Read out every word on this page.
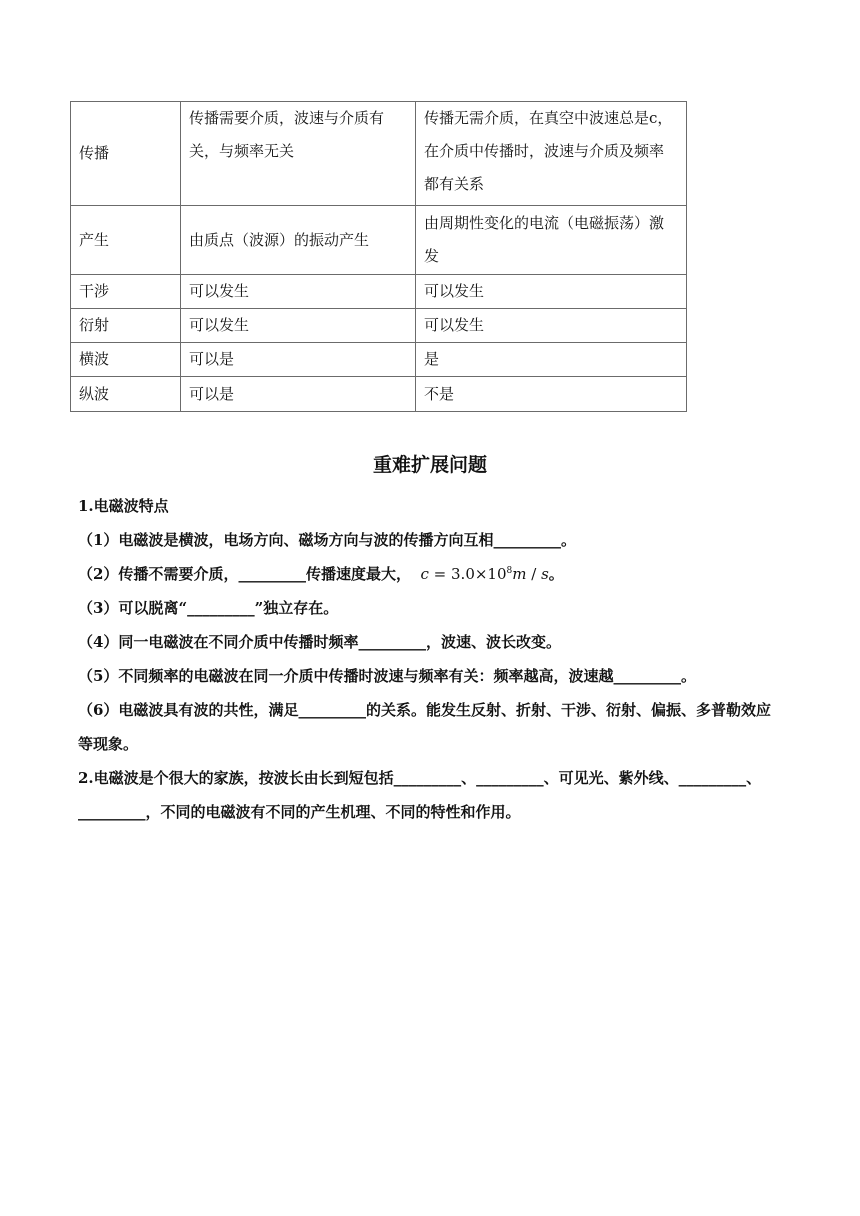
传播	传播需要介质，波速与介质有关，与频率无关	传播无需介质，在真空中波速总是c，在介质中传播时，波速与介质及频率都有关系
产生	由质点（波源）的振动产生	由周期性变化的电流（电磁振荡）激发
干涉	可以发生	可以发生
衍射	可以发生	可以发生
横波	可以是	是
纵波	可以是	不是
重难扩展问题

1.电磁波特点

（1）电磁波是横波，电场方向、磁场方向与波的传播方向互相_________。

（2）传播不需要介质，_________传播速度最大，​  $c = 3.0\times 10^8m / s$。

（3）可以脱离“_________”独立存在。

（4）同一电磁波在不同介质中传播时频率_________，波速、波长改变。

（5）不同频率的电磁波在同一介质中传播时波速与频率有关：频率越高，波速越_________。

（6）电磁波具有波的共性，满足_________的关系。能发生反射、折射、干涉、衍射、偏振、多普勒效应等现象。

2.电磁波是个很大的家族，按波长由长到短包括_________、_________、可见光、紫外线、_________、_________，不同的电磁波有不同的产生机理、不同的特性和作用。
